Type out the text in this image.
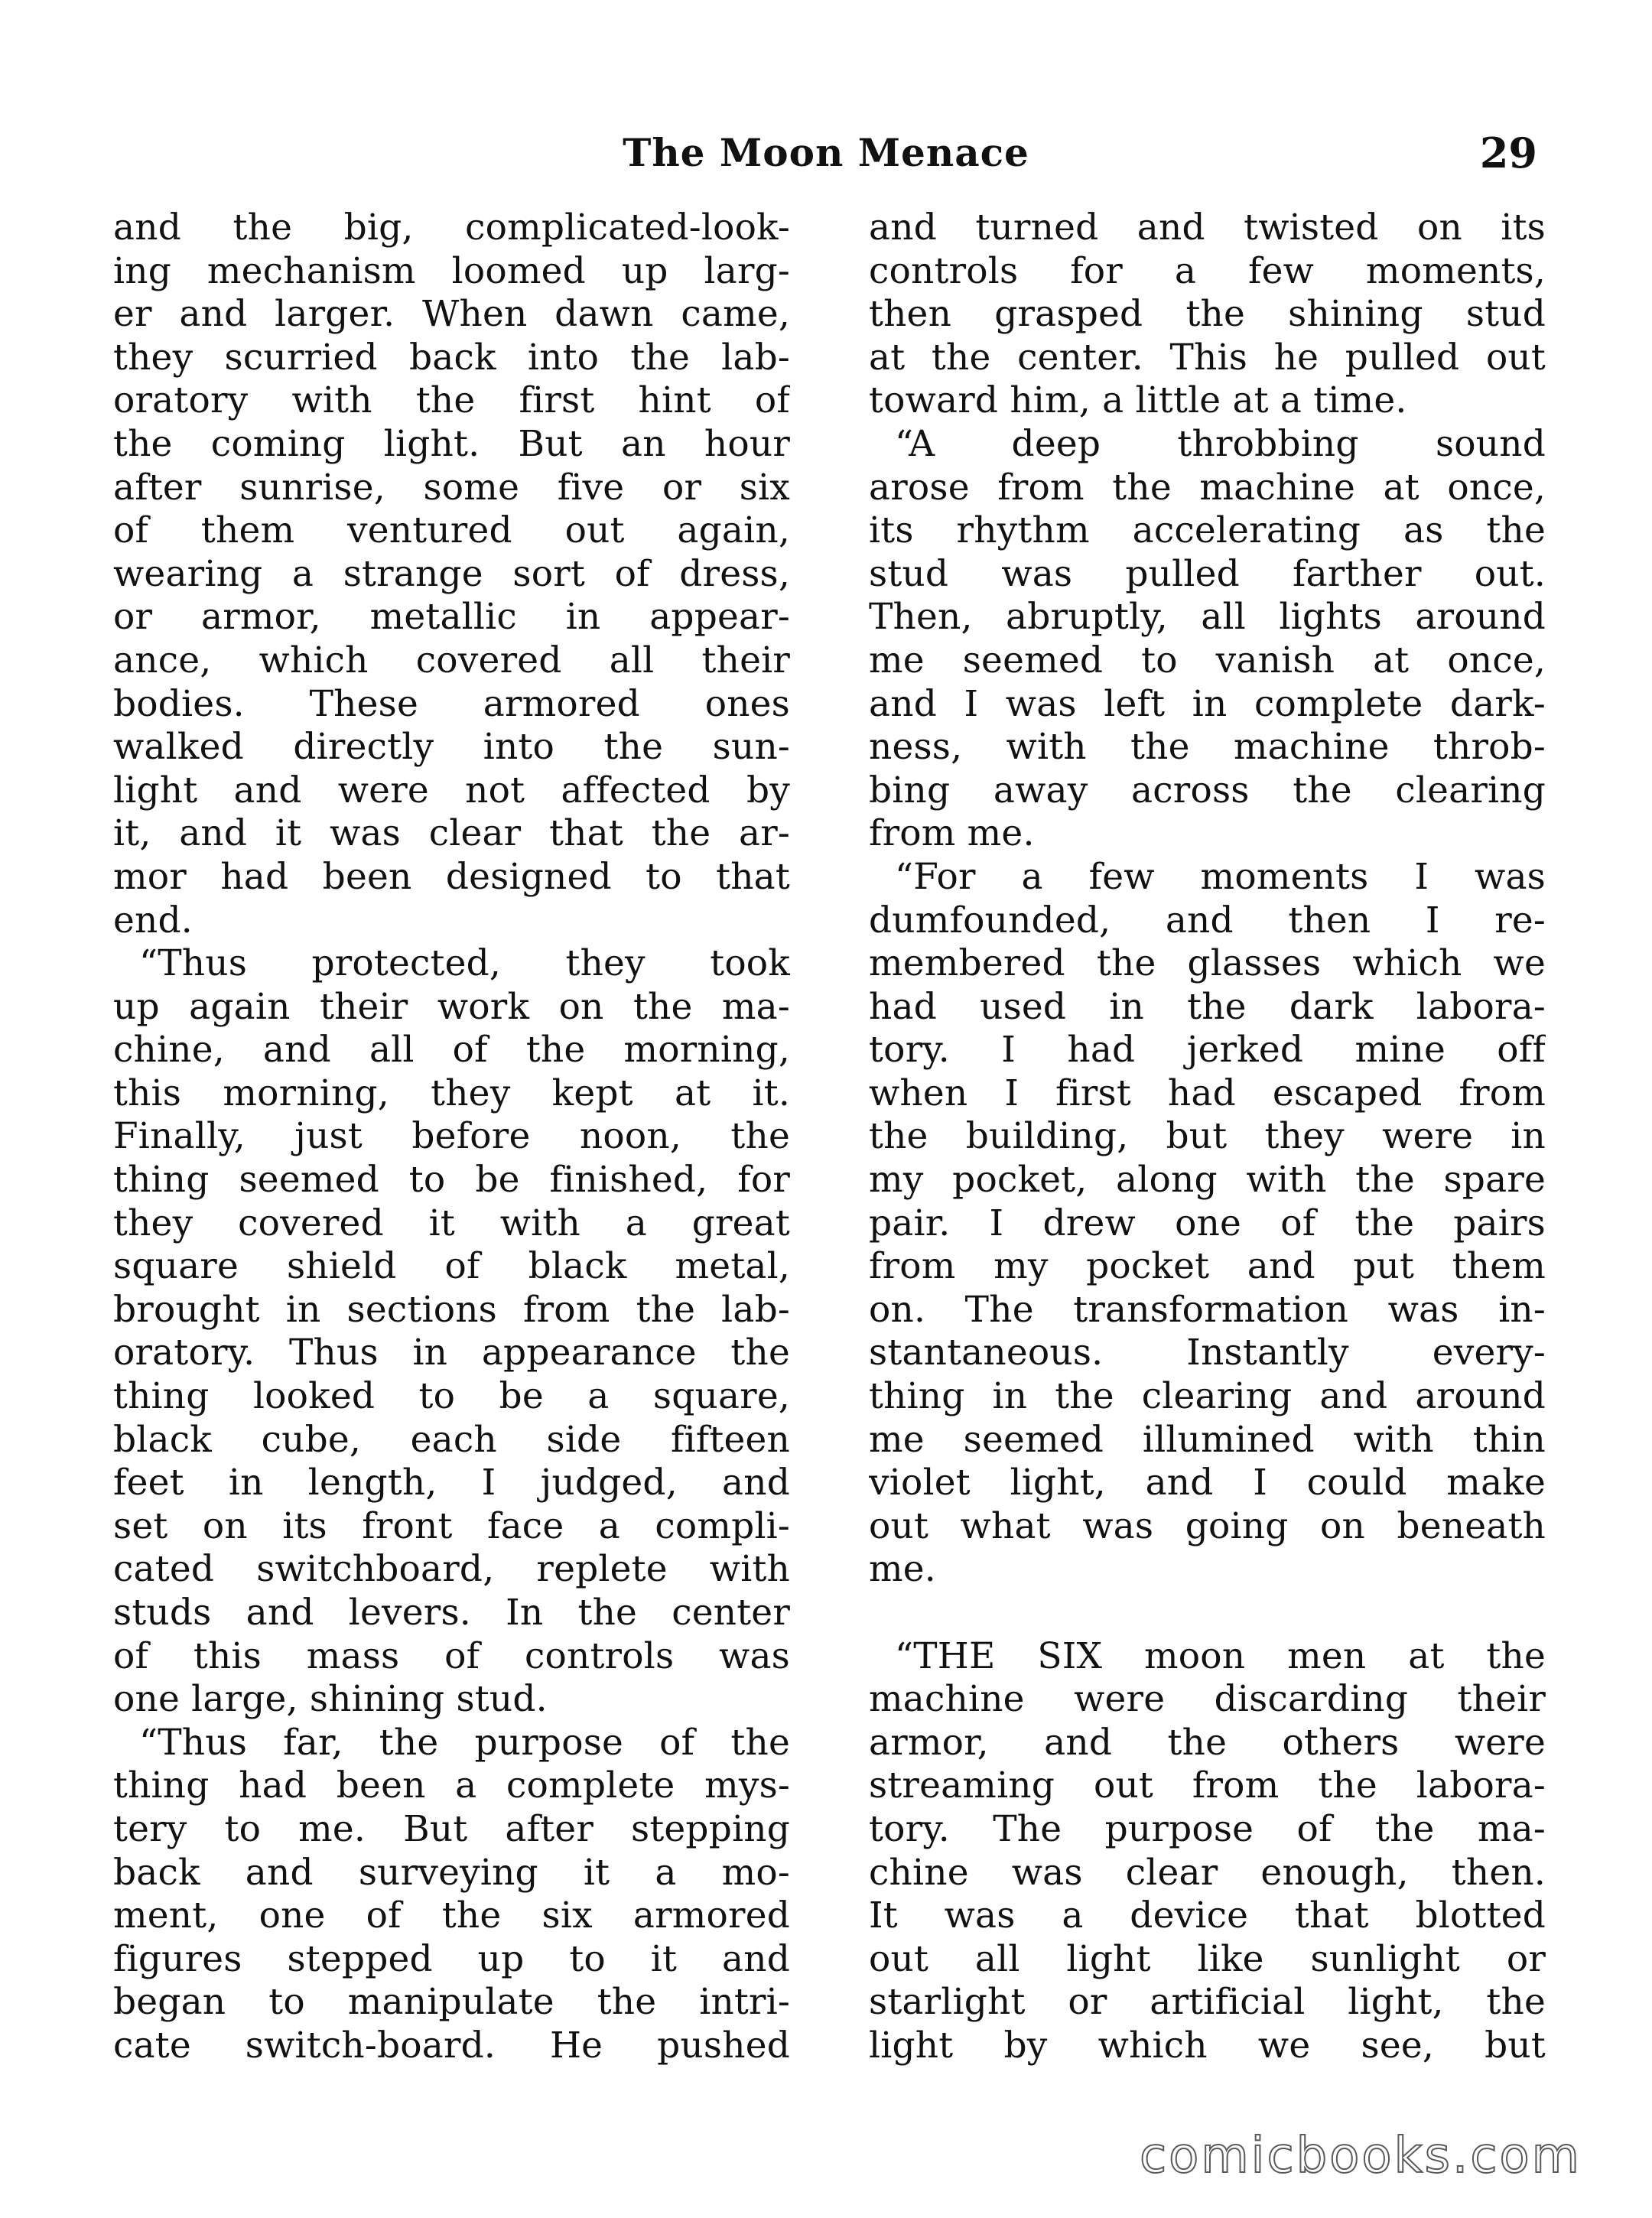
The Moon Menace	29
and the big, complicated-look-
ing mechanism loomed up larg-
er and larger. When dawn came,
they scurried back into the lab-
oratory with the first hint of
the coming light. But an hour
after sunrise, some five or six
of them ventured out again,
wearing a strange sort of dress,
or armor, metallic in appear-
ance, which covered all their
bodies. These armored ones
walked directly into the sun-
light and were not affected by
it, and it was clear that the ar-
mor had been designed to that
end.
“Thus protected, they took
up again their work on the ma-
chine, and all of the morning,
this morning, they kept at it.
Finally, just before noon, the
thing seemed to be finished, for
they covered it with a great
square shield of black metal,
brought in sections from the lab-
oratory. Thus in appearance the
thing looked to be a square,
black cube, each side fifteen
feet in length, I judged, and
set on its front face a compli-
cated switchboard, replete with
studs and levers. In the center
of this mass of controls was
one large, shining stud.
“Thus far, the purpose of the
thing had been a complete mys-
tery to me. But after stepping
back and surveying it a mo-
ment, one of the six armored
figures stepped up to it and
began to manipulate the intri-
cate switch-board. He pushed
and turned and twisted on its
controls for a few moments,
then grasped the shining stud
at the center. This he pulled out
toward him, a little at a time.
“A deep throbbing sound
arose from the machine at once,
its rhythm accelerating as the
stud was pulled farther out.
Then, abruptly, all lights around
me seemed to vanish at once,
and I was left in complete dark-
ness, with the machine throb-
bing away across the clearing
from me.
“For a few moments I was
dumfounded, and then I re-
membered the glasses which we
had used in the dark labora-
tory. I had jerked mine off
when I first had escaped from
the building, but they were in
my pocket, along with the spare
pair. I drew one of the pairs
from my pocket and put them
on. The transformation was in-
stantaneous. Instantly every-
thing in the clearing and around
me seemed illumined with thin
violet light, and I could make
out what was going on beneath
me.
“THE SIX moon men at the
machine were discarding their
armor, and the others were
streaming out from the labora-
tory. The purpose of the ma-
chine was clear enough, then.
It was a device that blotted
out all light like sunlight or
starlight or artificial light, the
light by which we see, but
comicbooks.com
